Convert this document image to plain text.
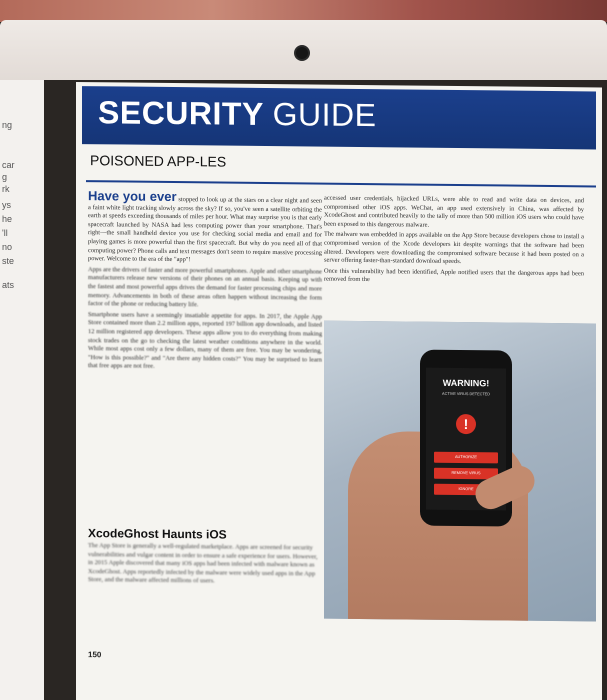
ng
car
g
rk
ys
he
'll
no
ste
ats
SECURITY GUIDE
POISONED APP-LES

Have you ever stopped to look up at the stars on a clear night and seen a faint white light tracking slowly across the sky? If so, you've seen a satellite orbiting the earth at speeds exceeding thousands of miles per hour. What may surprise you is that early spacecraft launched by NASA had less computing power than your smartphone. That's right—the small handheld device you use for checking social media and email and for playing games is more powerful than the first spacecraft. But why do you need all of that computing power? Phone calls and text messages don't seem to require massive processing power. Welcome to the era of the "app"!

Apps are the drivers of faster and more powerful smartphones. Apple and other smartphone manufacturers release new versions of their phones on an annual basis. Keeping up with the fastest and most powerful apps drives the demand for faster processing chips and more memory. Advancements in both of these areas often happen without increasing the form factor of the phone or reducing battery life.

Smartphone users have a seemingly insatiable appetite for apps. In 2017, the Apple App Store contained more than 2.2 million apps, reported 197 billion app downloads, and listed 12 million registered app developers. These apps allow you to do everything from making stock trades on the go to checking the latest weather conditions anywhere in the world. While most apps cost only a few dollars, many of them are free. You may be wondering, "How is this possible?" and "Are there any hidden costs?" You may be surprised to learn that free apps are not free.

accessed user credentials, hijacked URLs, were able to read and write data on devices, and compromised other iOS apps. WeChat, an app used extensively in China, was affected by XcodeGhost and contributed heavily to the tally of more than 500 million iOS users who could have been exposed to this dangerous malware.

The malware was embedded in apps available on the App Store because developers chose to install a compromised version of the Xcode developers kit despite warnings that the software had been altered. Developers were downloading the compromised software because it had been posted on a server offering faster-than-standard download speeds.

Once this vulnerability had been identified, Apple notified users that the dangerous apps had been removed from the

WARNING!
ACTIVE VIRUS DETECTED
!
AUTHORIZE
REMOVE VIRUS
IGNORE
XcodeGhost Haunts iOS
The App Store is generally a well-regulated marketplace. Apps are screened for security vulnerabilities and vulgar content in order to ensure a safe experience for users. However, in 2015 Apple discovered that many iOS apps had been infected with malware known as XcodeGhost. Apps reportedly infected by the malware were widely used apps in the App Store, and the malware affected millions of users.
150
